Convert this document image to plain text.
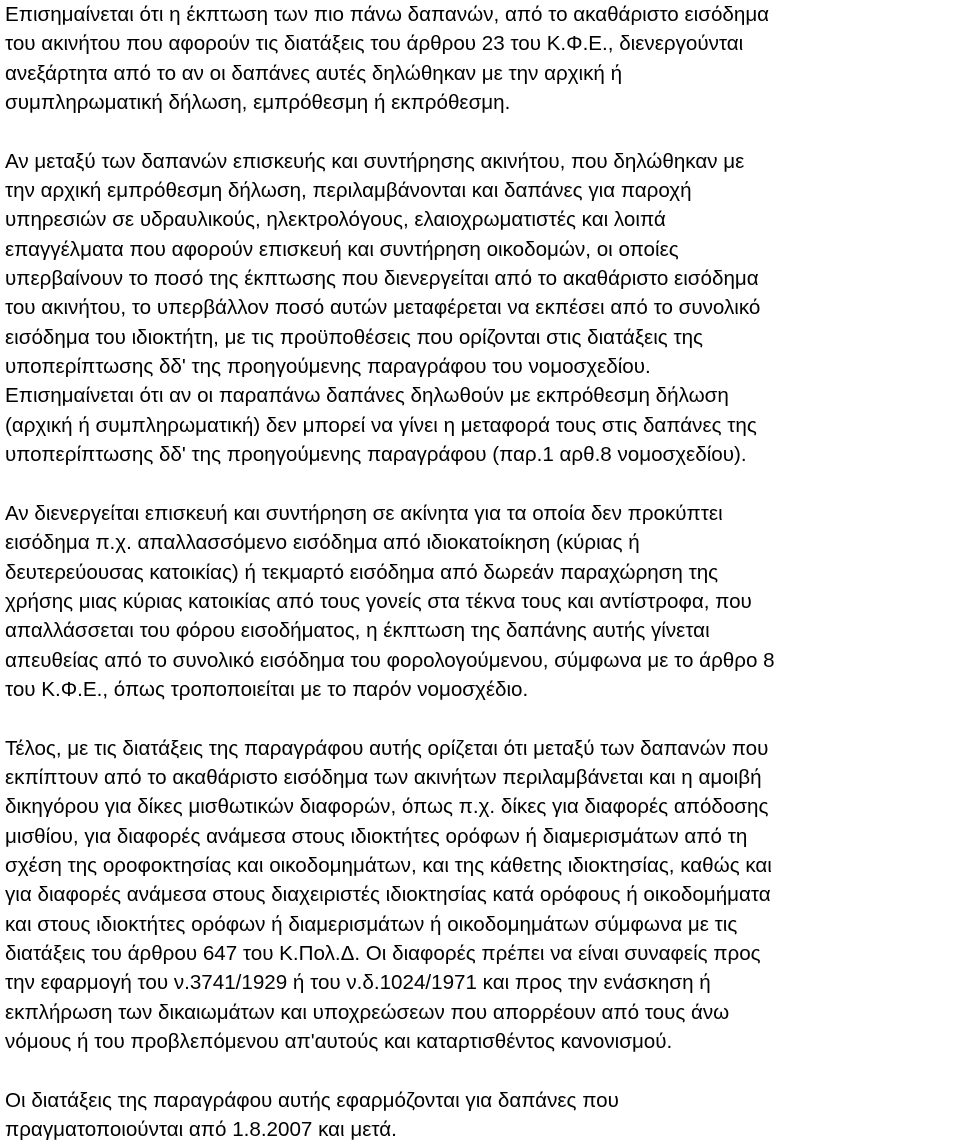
Επισημαίνεται ότι η έκπτωση των πιο πάνω δαπανών, από το ακαθάριστο εισόδημα
του ακινήτου που αφορούν τις διατάξεις του άρθρου 23 του Κ.Φ.Ε., διενεργούνται
ανεξάρτητα από το αν οι δαπάνες αυτές δηλώθηκαν με την αρχική ή
συμπληρωματική δήλωση, εμπρόθεσμη ή εκπρόθεσμη.
Αν μεταξύ των δαπανών επισκευής και συντήρησης ακινήτου, που δηλώθηκαν με
την αρχική εμπρόθεσμη δήλωση, περιλαμβάνονται και δαπάνες για παροχή
υπηρεσιών σε υδραυλικούς, ηλεκτρολόγους, ελαιοχρωματιστές και λοιπά
επαγγέλματα που αφορούν επισκευή και συντήρηση οικοδομών, οι οποίες
υπερβαίνουν το ποσό της έκπτωσης που διενεργείται από το ακαθάριστο εισόδημα
του ακινήτου, το υπερβάλλον ποσό αυτών μεταφέρεται να εκπέσει από το συνολικό
εισόδημα του ιδιοκτήτη, με τις προϋποθέσεις που ορίζονται στις διατάξεις της
υποπερίπτωσης δδ' της προηγούμενης παραγράφου του νομοσχεδίου.
Επισημαίνεται ότι αν οι παραπάνω δαπάνες δηλωθούν με εκπρόθεσμη δήλωση
(αρχική ή συμπληρωματική) δεν μπορεί να γίνει η μεταφορά τους στις δαπάνες της
υποπερίπτωσης δδ' της προηγούμενης παραγράφου (παρ.1 αρθ.8 νομοσχεδίου).
Αν διενεργείται επισκευή και συντήρηση σε ακίνητα για τα οποία δεν προκύπτει
εισόδημα π.χ. απαλλασσόμενο εισόδημα από ιδιοκατοίκηση (κύριας ή
δευτερεύουσας κατοικίας) ή τεκμαρτό εισόδημα από δωρεάν παραχώρηση της
χρήσης μιας κύριας κατοικίας από τους γονείς στα τέκνα τους και αντίστροφα, που
απαλλάσσεται του φόρου εισοδήματος, η έκπτωση της δαπάνης αυτής γίνεται
απευθείας από το συνολικό εισόδημα του φορολογούμενου, σύμφωνα με το άρθρο 8
του Κ.Φ.Ε., όπως τροποποιείται με το παρόν νομοσχέδιο.
Τέλος, με τις διατάξεις της παραγράφου αυτής ορίζεται ότι μεταξύ των δαπανών που
εκπίπτουν από το ακαθάριστο εισόδημα των ακινήτων περιλαμβάνεται και η αμοιβή
δικηγόρου για δίκες μισθωτικών διαφορών, όπως π.χ. δίκες για διαφορές απόδοσης
μισθίου, για διαφορές ανάμεσα στους ιδιοκτήτες ορόφων ή διαμερισμάτων από τη
σχέση της οροφοκτησίας και οικοδομημάτων, και της κάθετης ιδιοκτησίας, καθώς και
για διαφορές ανάμεσα στους διαχειριστές ιδιοκτησίας κατά ορόφους ή οικοδομήματα
και στους ιδιοκτήτες ορόφων ή διαμερισμάτων ή οικοδομημάτων σύμφωνα με τις
διατάξεις του άρθρου 647 του Κ.Πολ.Δ. Οι διαφορές πρέπει να είναι συναφείς προς
την εφαρμογή του ν.3741/1929 ή του ν.δ.1024/1971 και προς την ενάσκηση ή
εκπλήρωση των δικαιωμάτων και υποχρεώσεων που απορρέουν από τους άνω
νόμους ή του προβλεπόμενου απ'αυτούς και καταρτισθέντος κανονισμού.
Οι διατάξεις της παραγράφου αυτής εφαρμόζονται για δαπάνες που
πραγματοποιούνται από 1.8.2007 και μετά.
